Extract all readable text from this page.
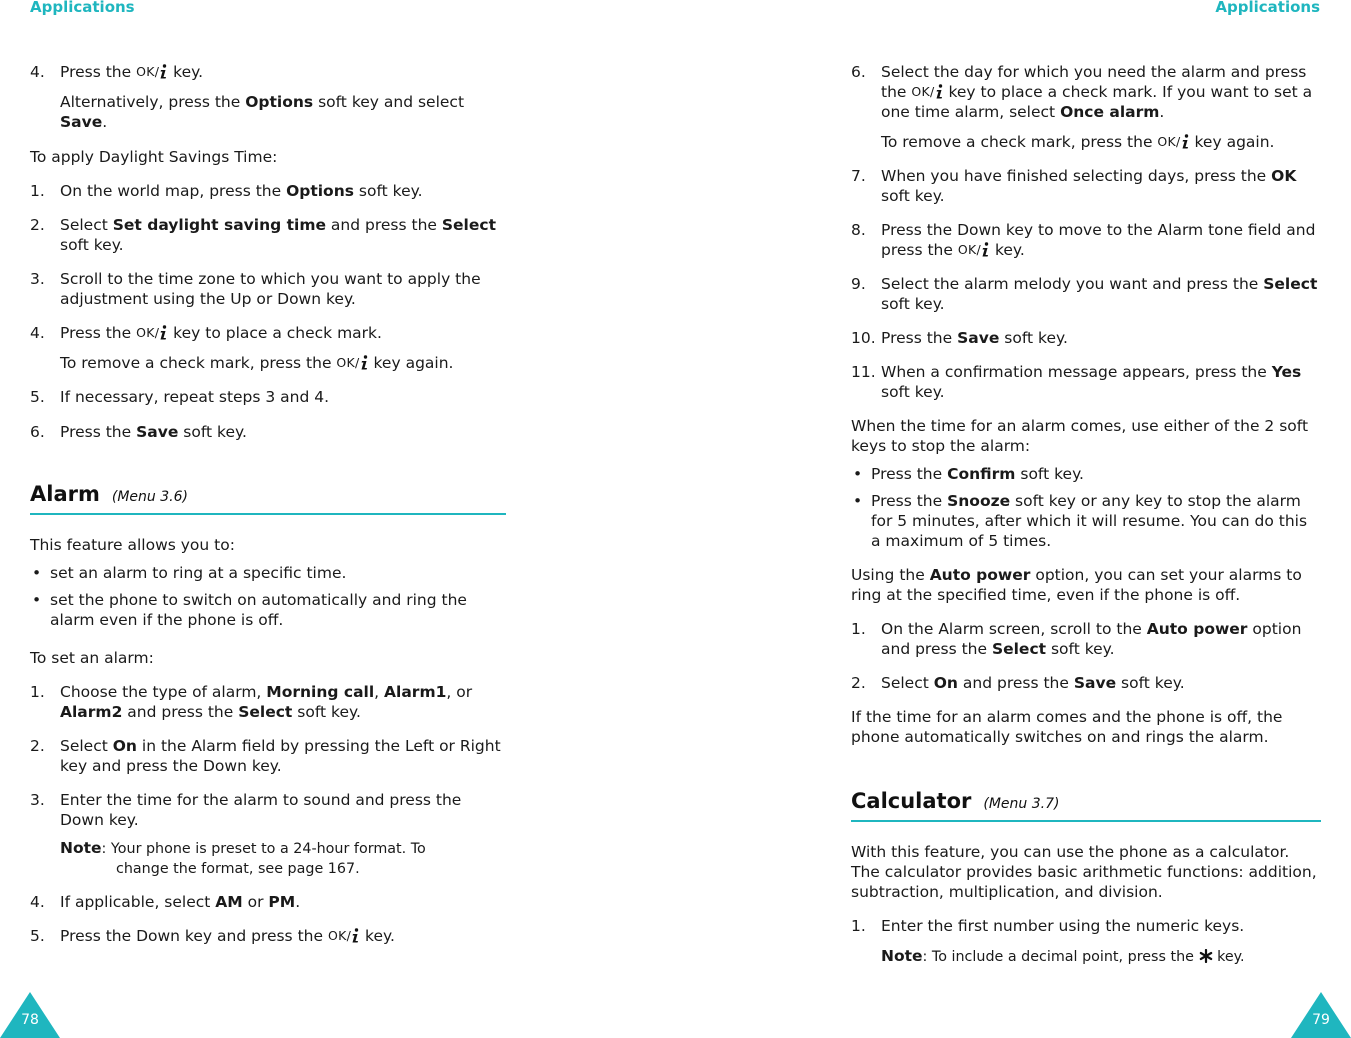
Applications	Applications
4. Press the OK/ key.
Alternatively, press the Options soft key and select Save.

To apply Daylight Savings Time:

1. On the world map, press the Options soft key.
2. Select Set daylight saving time and press the Select soft key.
3. Scroll to the time zone to which you want to apply the adjustment using the Up or Down key.
4. Press the OK/ key to place a check mark.
To remove a check mark, press the OK/ key again.
5. If necessary, repeat steps 3 and 4.
6. Press the Save soft key.
Alarm (Menu 3.6)

This feature allows you to:

• set an alarm to ring at a specific time.
• set the phone to switch on automatically and ring the alarm even if the phone is off.

To set an alarm:

1. Choose the type of alarm, Morning call, Alarm1, or Alarm2 and press the Select soft key.
2. Select On in the Alarm field by pressing the Left or Right key and press the Down key.
3. Enter the time for the alarm to sound and press the Down key.
Note: Your phone is preset to a 24-hour format. To
change the format, see page 167.
4. If applicable, select AM or PM.
5. Press the Down key and press the OK/ key.
6. Select the day for which you need the alarm and press the OK/ key to place a check mark. If you want to set a one time alarm, select Once alarm.
To remove a check mark, press the OK/ key again.
7. When you have finished selecting days, press the OK soft key.
8. Press the Down key to move to the Alarm tone field and press the OK/ key.
9. Select the alarm melody you want and press the Select soft key.
10. Press the Save soft key.
11. When a confirmation message appears, press the Yes soft key.

When the time for an alarm comes, use either of the 2 soft keys to stop the alarm:

• Press the Confirm soft key.
• Press the Snooze soft key or any key to stop the alarm for 5 minutes, after which it will resume. You can do this a maximum of 5 times.

Using the Auto power option, you can set your alarms to ring at the specified time, even if the phone is off.

1. On the Alarm screen, scroll to the Auto power option and press the Select soft key.
2. Select On and press the Save soft key.

If the time for an alarm comes and the phone is off, the phone automatically switches on and rings the alarm.

Calculator (Menu 3.7)

With this feature, you can use the phone as a calculator. The calculator provides basic arithmetic functions: addition, subtraction, multiplication, and division.

1. Enter the first number using the numeric keys.
Note: To include a decimal point, press the key.
78	79
